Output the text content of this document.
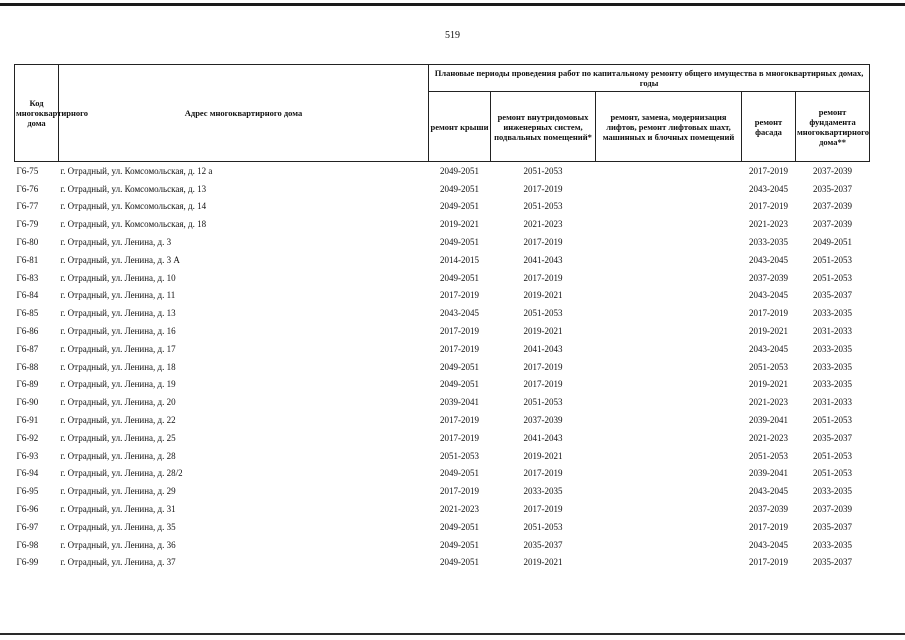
519
Код многоквартирного дома	Адрес многоквартирного дома	Плановые периоды проведения работ по капитальному ремонту общего имущества в многоквартирных домах, годы				
		ремонт крыши	ремонт внутридомовых инженерных систем, подвальных помещений*	ремонт, замена, модернизация лифтов, ремонт лифтовых шахт, машинных и блочных помещений	ремонт фасада	ремонт фундамента многоквартирного дома**
Г6-75	г. Отрадный, ул. Комсомольская, д. 12 а	2049-2051	2051-2053		2017-2019	2037-2039
Г6-76	г. Отрадный, ул. Комсомольская, д. 13	2049-2051	2017-2019		2043-2045	2035-2037
Г6-77	г. Отрадный, ул. Комсомольская, д. 14	2049-2051	2051-2053		2017-2019	2037-2039
Г6-79	г. Отрадный, ул. Комсомольская, д. 18	2019-2021	2021-2023		2021-2023	2037-2039
Г6-80	г. Отрадный, ул. Ленина, д. 3	2049-2051	2017-2019		2033-2035	2049-2051
Г6-81	г. Отрадный, ул. Ленина, д. 3 А	2014-2015	2041-2043		2043-2045	2051-2053
Г6-83	г. Отрадный, ул. Ленина, д. 10	2049-2051	2017-2019		2037-2039	2051-2053
Г6-84	г. Отрадный, ул. Ленина, д. 11	2017-2019	2019-2021		2043-2045	2035-2037
Г6-85	г. Отрадный, ул. Ленина, д. 13	2043-2045	2051-2053		2017-2019	2033-2035
Г6-86	г. Отрадный, ул. Ленина, д. 16	2017-2019	2019-2021		2019-2021	2031-2033
Г6-87	г. Отрадный, ул. Ленина, д. 17	2017-2019	2041-2043		2043-2045	2033-2035
Г6-88	г. Отрадный, ул. Ленина, д. 18	2049-2051	2017-2019		2051-2053	2033-2035
Г6-89	г. Отрадный, ул. Ленина, д. 19	2049-2051	2017-2019		2019-2021	2033-2035
Г6-90	г. Отрадный, ул. Ленина, д. 20	2039-2041	2051-2053		2021-2023	2031-2033
Г6-91	г. Отрадный, ул. Ленина, д. 22	2017-2019	2037-2039		2039-2041	2051-2053
Г6-92	г. Отрадный, ул. Ленина, д. 25	2017-2019	2041-2043		2021-2023	2035-2037
Г6-93	г. Отрадный, ул. Ленина, д. 28	2051-2053	2019-2021		2051-2053	2051-2053
Г6-94	г. Отрадный, ул. Ленина, д. 28/2	2049-2051	2017-2019		2039-2041	2051-2053
Г6-95	г. Отрадный, ул. Ленина, д. 29	2017-2019	2033-2035		2043-2045	2033-2035
Г6-96	г. Отрадный, ул. Ленина, д. 31	2021-2023	2017-2019		2037-2039	2037-2039
Г6-97	г. Отрадный, ул. Ленина, д. 35	2049-2051	2051-2053		2017-2019	2035-2037
Г6-98	г. Отрадный, ул. Ленина, д. 36	2049-2051	2035-2037		2043-2045	2033-2035
Г6-99	г. Отрадный, ул. Ленина, д. 37	2049-2051	2019-2021		2017-2019	2035-2037
